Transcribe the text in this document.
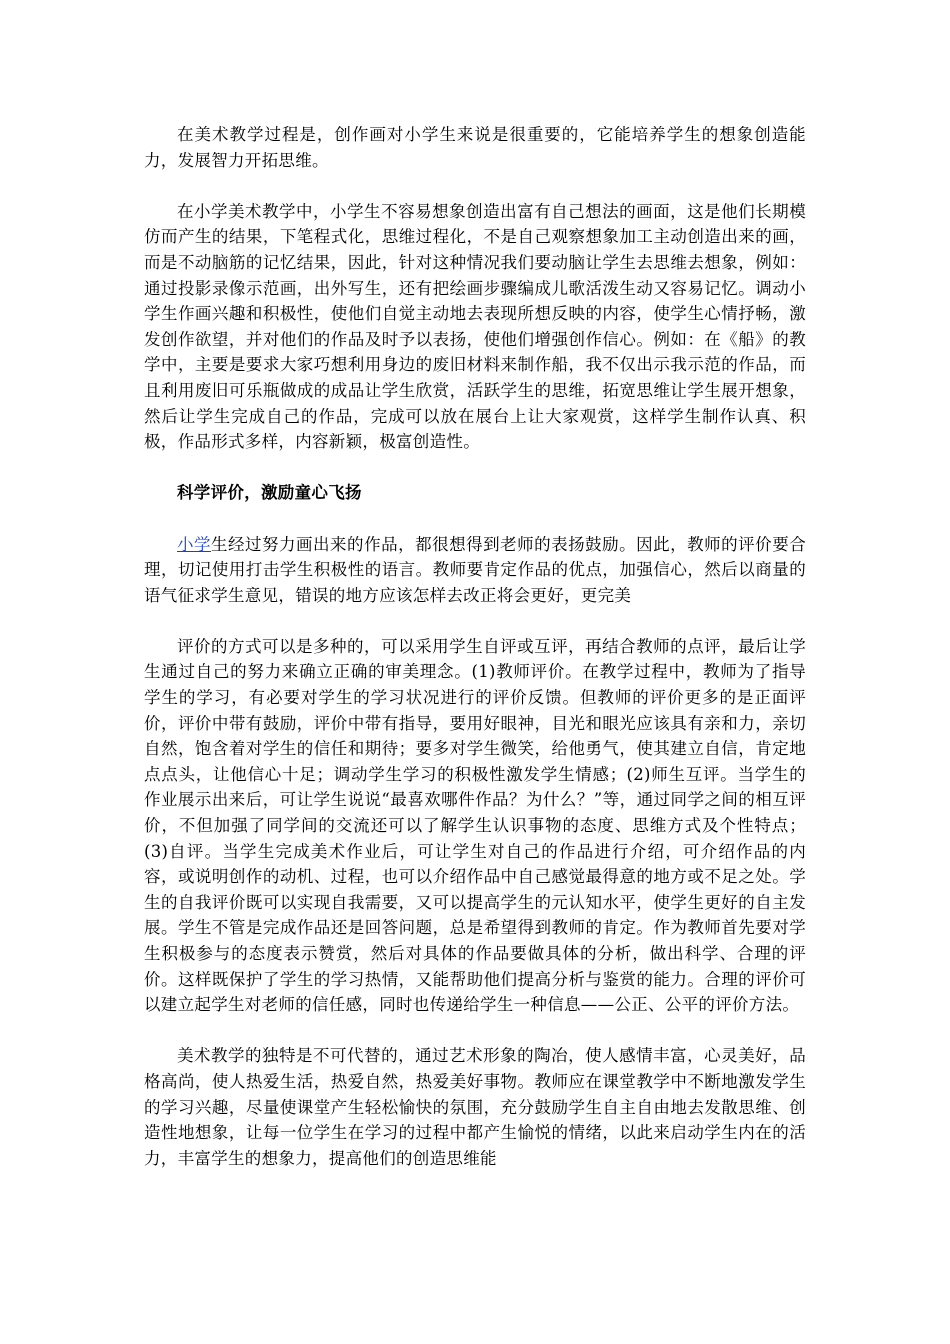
在美术教学过程是，创作画对小学生来说是很重要的，它能培养学生的想象创造能力，发展智力开拓思维。

在小学美术教学中，小学生不容易想象创造出富有自己想法的画面，这是他们长期模仿而产生的结果，下笔程式化，思维过程化，不是自己观察想象加工主动创造出来的画，而是不动脑筋的记忆结果，因此，针对这种情况我们要动脑让学生去思维去想象，例如：通过投影录像示范画，出外写生，还有把绘画步骤编成儿歌活泼生动又容易记忆。调动小学生作画兴趣和积极性，使他们自觉主动地去表现所想反映的内容，使学生心情抒畅，激发创作欲望，并对他们的作品及时予以表扬，使他们增强创作信心。例如：在《船》的教学中，主要是要求大家巧想利用身边的废旧材料来制作船，我不仅出示我示范的作品，而且利用废旧可乐瓶做成的成品让学生欣赏，活跃学生的思维，拓宽思维让学生展开想象，然后让学生完成自己的作品，完成可以放在展台上让大家观赏，这样学生制作认真、积极，作品形式多样，内容新颖，极富创造性。

科学评价，激励童心飞扬

小学生经过努力画出来的作品，都很想得到老师的表扬鼓励。因此，教师的评价要合理，切记使用打击学生积极性的语言。教师要肯定作品的优点，加强信心，然后以商量的语气征求学生意见，错误的地方应该怎样去改正将会更好，更完美

评价的方式可以是多种的，可以采用学生自评或互评，再结合教师的点评，最后让学生通过自己的努力来确立正确的审美理念。(1)教师评价。在教学过程中，教师为了指导学生的学习，有必要对学生的学习状况进行的评价反馈。但教师的评价更多的是正面评价，评价中带有鼓励，评价中带有指导，要用好眼神，目光和眼光应该具有亲和力，亲切自然，饱含着对学生的信任和期待；要多对学生微笑，给他勇气，使其建立自信，肯定地点点头，让他信心十足；调动学生学习的积极性激发学生情感；(2)师生互评。当学生的作业展示出来后，可让学生说说“最喜欢哪件作品？为什么？”等，通过同学之间的相互评价，不但加强了同学间的交流还可以了解学生认识事物的态度、思维方式及个性特点；(3)自评。当学生完成美术作业后，可让学生对自己的作品进行介绍，可介绍作品的内容，或说明创作的动机、过程，也可以介绍作品中自己感觉最得意的地方或不足之处。学生的自我评价既可以实现自我需要，又可以提高学生的元认知水平，使学生更好的自主发展。学生不管是完成作品还是回答问题，总是希望得到教师的肯定。作为教师首先要对学生积极参与的态度表示赞赏，然后对具体的作品要做具体的分析，做出科学、合理的评价。这样既保护了学生的学习热情，又能帮助他们提高分析与鉴赏的能力。合理的评价可以建立起学生对老师的信任感，同时也传递给学生一种信息——公正、公平的评价方法。

美术教学的独特是不可代替的，通过艺术形象的陶冶，使人感情丰富，心灵美好，品格高尚，使人热爱生活，热爱自然，热爱美好事物。教师应在课堂教学中不断地激发学生的学习兴趣，尽量使课堂产生轻松愉快的氛围，充分鼓励学生自主自由地去发散思维、创造性地想象，让每一位学生在学习的过程中都产生愉悦的情绪，以此来启动学生内在的活力，丰富学生的想象力，提高他们的创造思维能
